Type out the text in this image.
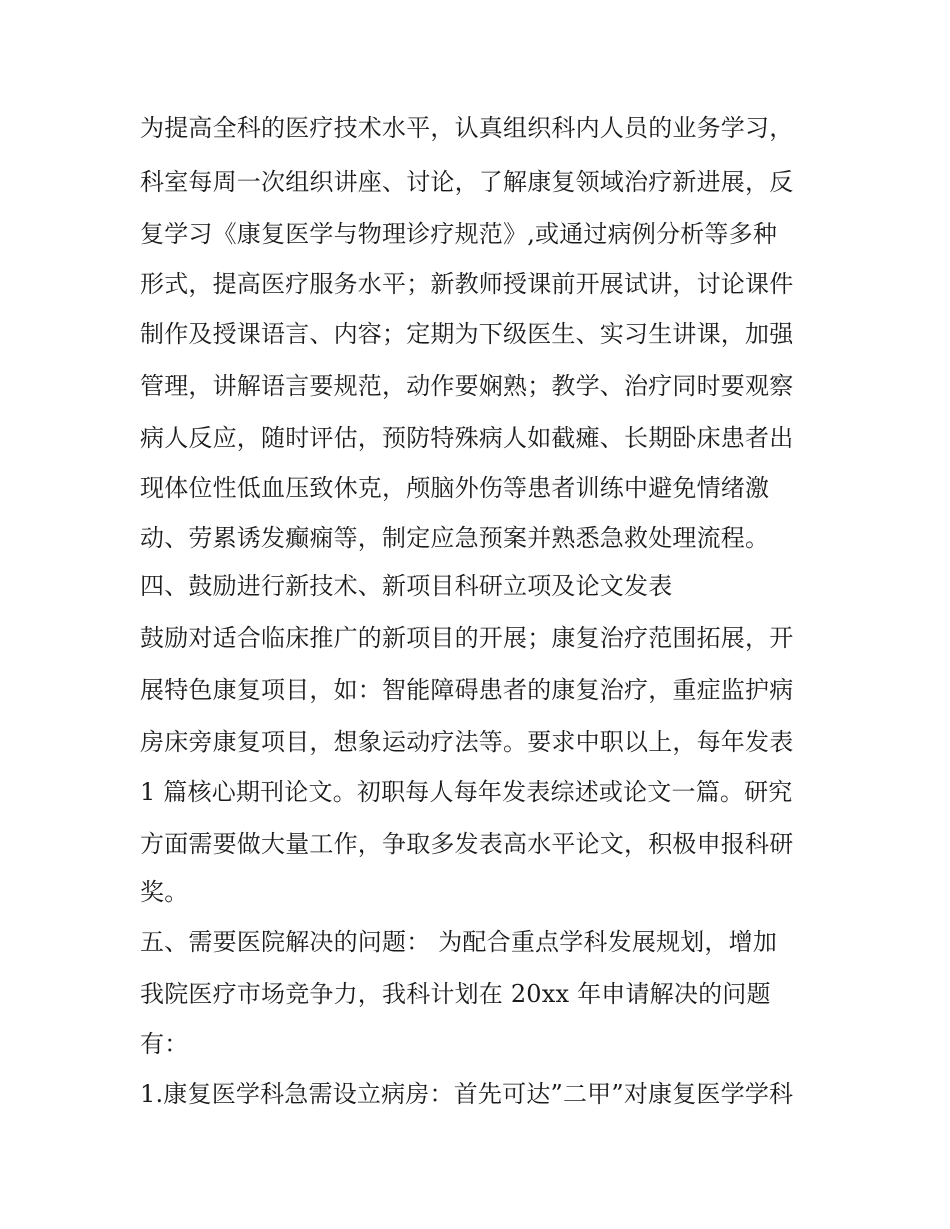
为提高全科的医疗技术水平，认真组织科内人员的业务学习，
科室每周一次组织讲座、讨论，了解康复领域治疗新进展，反
复学习《康复医学与物理诊疗规范》,或通过病例分析等多种
形式，提高医疗服务水平；新教师授课前开展试讲，讨论课件
制作及授课语言、内容；定期为下级医生、实习生讲课，加强
管理，讲解语言要规范，动作要娴熟；教学、治疗同时要观察
病人反应，随时评估，预防特殊病人如截瘫、长期卧床患者出
现体位性低血压致休克，颅脑外伤等患者训练中避免情绪激
动、劳累诱发癫痫等，制定应急预案并熟悉急救处理流程。
四、鼓励进行新技术、新项目科研立项及论文发表
鼓励对适合临床推广的新项目的开展；康复治疗范围拓展，开
展特色康复项目，如：智能障碍患者的康复治疗，重症监护病
房床旁康复项目，想象运动疗法等。要求中职以上，每年发表
1 篇核心期刊论文。初职每人每年发表综述或论文一篇。研究
方面需要做大量工作，争取多发表高水平论文，积极申报科研
奖。
五、需要医院解决的问题： 为配合重点学科发展规划，增加
我院医疗市场竞争力，我科计划在 20xx 年申请解决的问题
有：
1.康复医学科急需设立病房：首先可达”二甲”对康复医学学科
